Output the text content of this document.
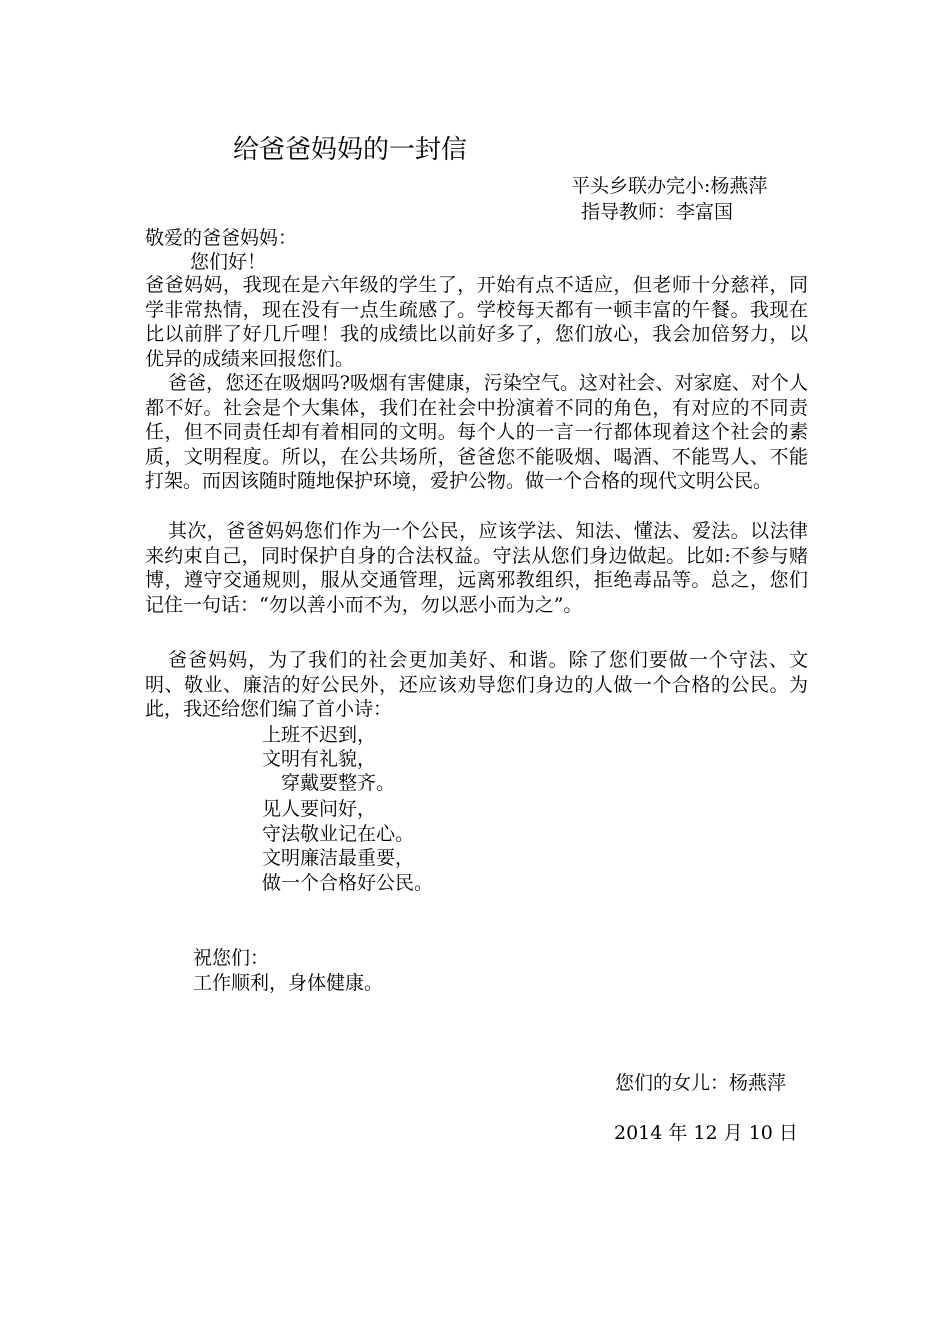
给爸爸妈妈的一封信
平头乡联办完小:杨燕萍
指导教师：李富国
敬爱的爸爸妈妈：
您们好！

爸爸妈妈，我现在是六年级的学生了，开始有点不适应，但老师十分慈祥，同学非常热情，现在没有一点生疏感了。学校每天都有一顿丰富的午餐。我现在比以前胖了好几斤哩！我的成绩比以前好多了，您们放心，我会加倍努力，以优异的成绩来回报您们。

爸爸，您还在吸烟吗?吸烟有害健康，污染空气。这对社会、对家庭、对个人都不好。社会是个大集体，我们在社会中扮演着不同的角色，有对应的不同责任，但不同责任却有着相同的文明。每个人的一言一行都体现着这个社会的素质，文明程度。所以，在公共场所，爸爸您不能吸烟、喝酒、不能骂人、不能打架。而因该随时随地保护环境，爱护公物。做一个合格的现代文明公民。

其次，爸爸妈妈您们作为一个公民，应该学法、知法、懂法、爱法。以法律来约束自己，同时保护自身的合法权益。守法从您们身边做起。比如:不参与赌博，遵守交通规则，服从交通管理，远离邪教组织，拒绝毒品等。总之，您们记住一句话：“勿以善小而不为，勿以恶小而为之”。

爸爸妈妈，为了我们的社会更加美好、和谐。除了您们要做一个守法、文明、敬业、廉洁的好公民外，还应该劝导您们身边的人做一个合格的公民。为此，我还给您们编了首小诗：

上班不迟到，
文明有礼貌，
穿戴要整齐。
见人要问好，
守法敬业记在心。
文明廉洁最重要，
做一个合格好公民。
祝您们：
工作顺利，身体健康。
您们的女儿：杨燕萍
2014 年 12 月 10 日
